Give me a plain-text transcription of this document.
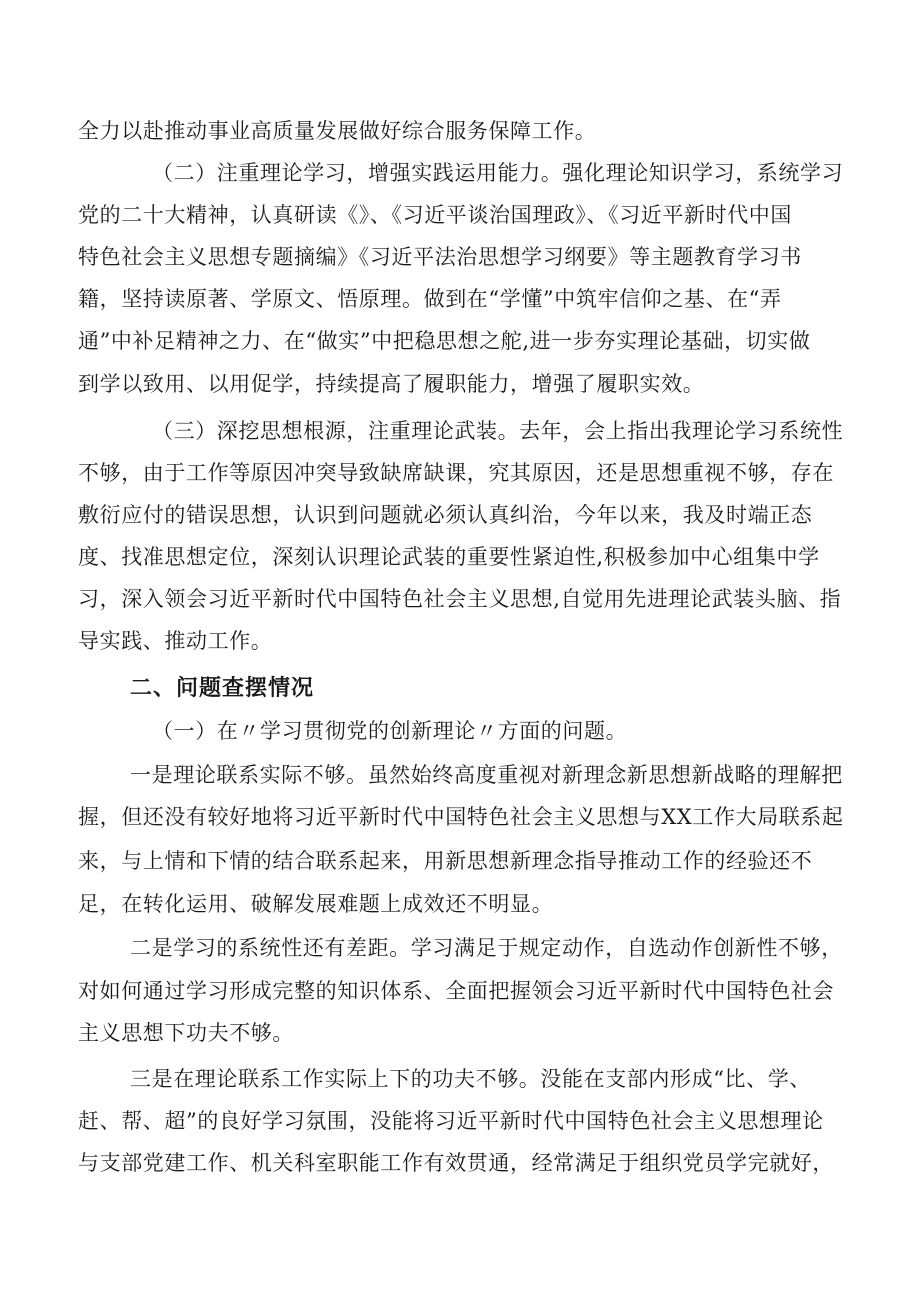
全力以赴推动事业高质量发展做好综合服务保障工作。
（二）注重理论学习，增强实践运用能力。强化理论知识学习，系统学习
党的二十大精神，认真研读《》、《习近平谈治国理政》、《习近平新时代中国
特色社会主义思想专题摘编》《习近平法治思想学习纲要》等主题教育学习书
籍，坚持读原著、学原文、悟原理。做到在“学懂”中筑牢信仰之基、在“弄
通”中补足精神之力、在“做实”中把稳思想之舵,进一步夯实理论基础，切实做
到学以致用、以用促学，持续提高了履职能力，增强了履职实效。
（三）深挖思想根源，注重理论武装。去年，会上指出我理论学习系统性
不够，由于工作等原因冲突导致缺席缺课，究其原因，还是思想重视不够，存在
敷衍应付的错误思想，认识到问题就必须认真纠治，今年以来，我及时端正态
度、找准思想定位，深刻认识理论武装的重要性紧迫性,积极参加中心组集中学
习，深入领会习近平新时代中国特色社会主义思想,自觉用先进理论武装头脑、指
导实践、推动工作。
二、问题查摆情况
（一）在〃学习贯彻党的创新理论〃方面的问题。
一是理论联系实际不够。虽然始终高度重视对新理念新思想新战略的理解把
握，但还没有较好地将习近平新时代中国特色社会主义思想与XX工作大局联系起
来，与上情和下情的结合联系起来，用新思想新理念指导推动工作的经验还不
足，在转化运用、破解发展难题上成效还不明显。
二是学习的系统性还有差距。学习满足于规定动作，自选动作创新性不够，
对如何通过学习形成完整的知识体系、全面把握领会习近平新时代中国特色社会
主义思想下功夫不够。
三是在理论联系工作实际上下的功夫不够。没能在支部内形成“比、学、
赶、帮、超”的良好学习氛围，没能将习近平新时代中国特色社会主义思想理论
与支部党建工作、机关科室职能工作有效贯通，经常满足于组织党员学完就好，
